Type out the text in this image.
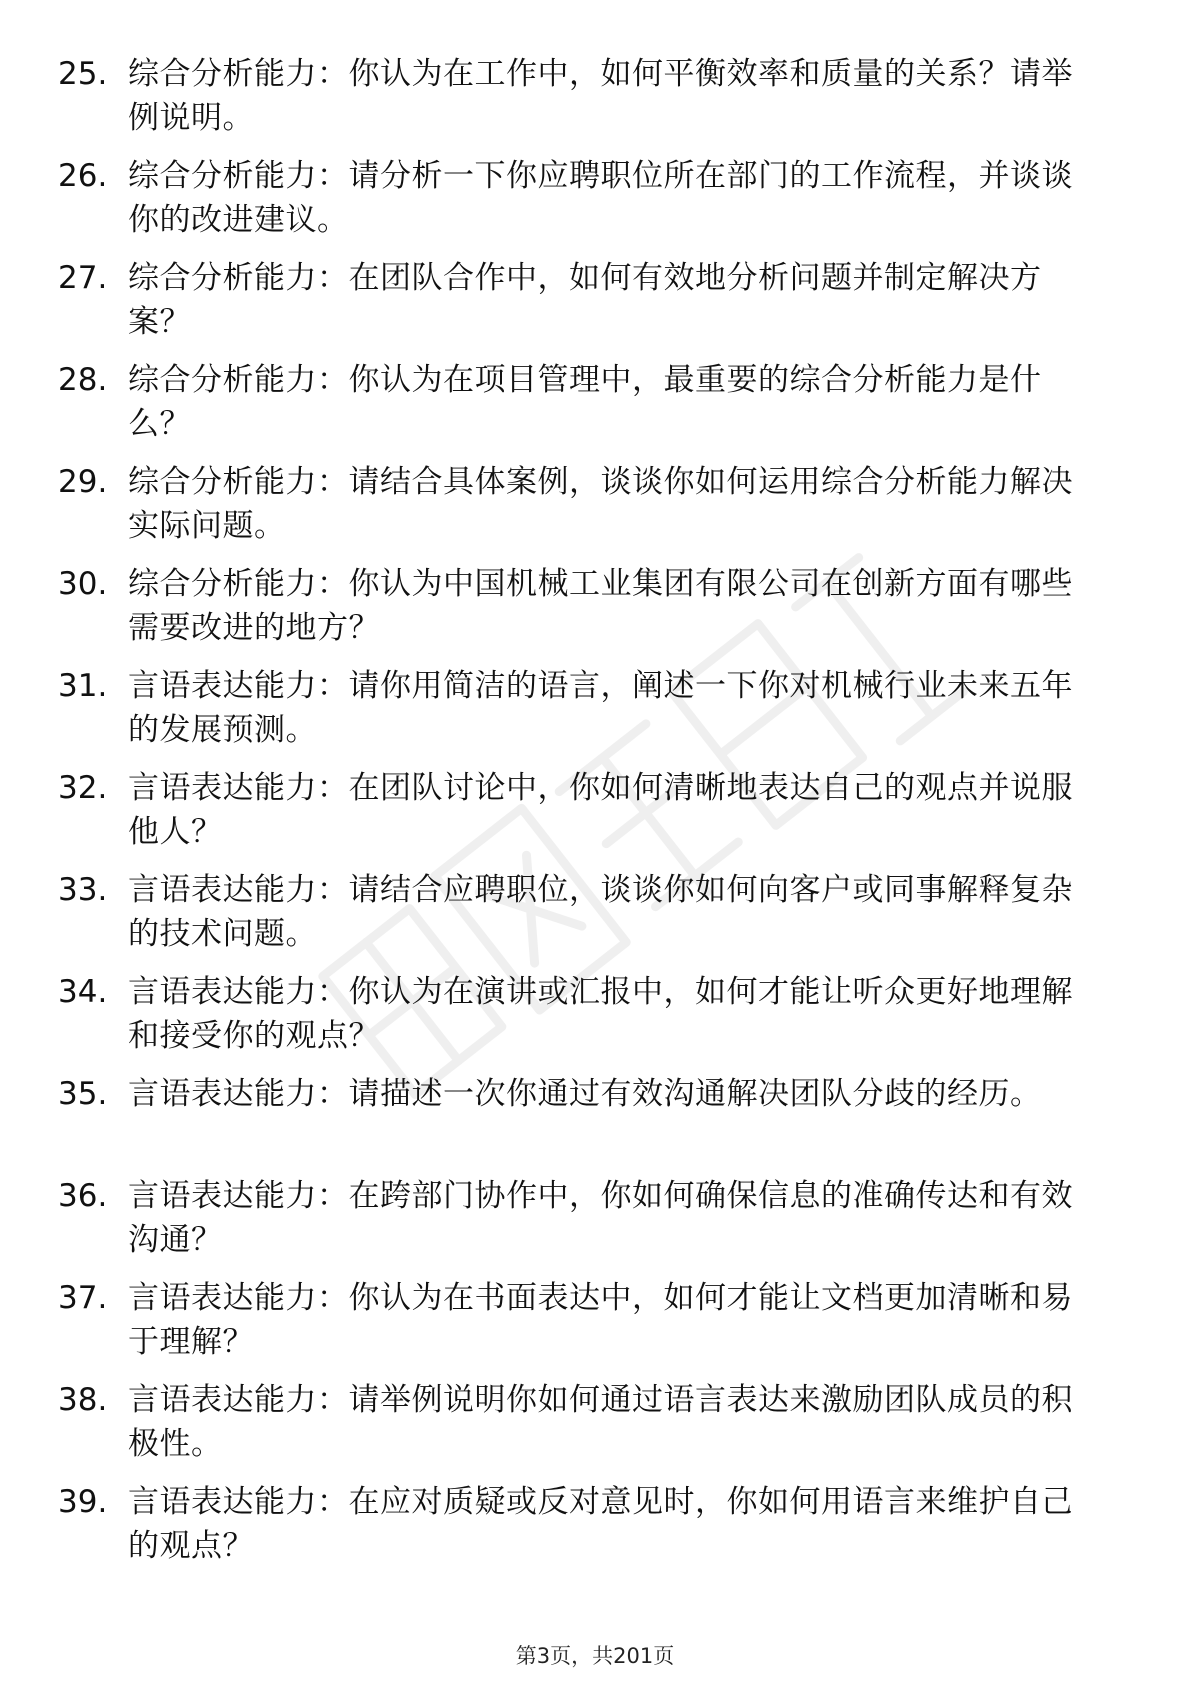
25. 综合分析能力：你认为在工作中，如何平衡效率和质量的关系？请举例说明。
26. 综合分析能力：请分析一下你应聘职位所在部门的工作流程，并谈谈你的改进建议。
27. 综合分析能力：在团队合作中，如何有效地分析问题并制定解决方案？
28. 综合分析能力：你认为在项目管理中，最重要的综合分析能力是什么？
29. 综合分析能力：请结合具体案例，谈谈你如何运用综合分析能力解决实际问题。
30. 综合分析能力：你认为中国机械工业集团有限公司在创新方面有哪些需要改进的地方？
31. 言语表达能力：请你用简洁的语言，阐述一下你对机械行业未来五年的发展预测。
32. 言语表达能力：在团队讨论中，你如何清晰地表达自己的观点并说服他人？
33. 言语表达能力：请结合应聘职位，谈谈你如何向客户或同事解释复杂的技术问题。
34. 言语表达能力：你认为在演讲或汇报中，如何才能让听众更好地理解和接受你的观点？
35. 言语表达能力：请描述一次你通过有效沟通解决团队分歧的经历。
36. 言语表达能力：在跨部门协作中，你如何确保信息的准确传达和有效沟通？
37. 言语表达能力：你认为在书面表达中，如何才能让文档更加清晰和易于理解？
38. 言语表达能力：请举例说明你如何通过语言表达来激励团队成员的积极性。
39. 言语表达能力：在应对质疑或反对意见时，你如何用语言来维护自己的观点？
第3页，共201页
